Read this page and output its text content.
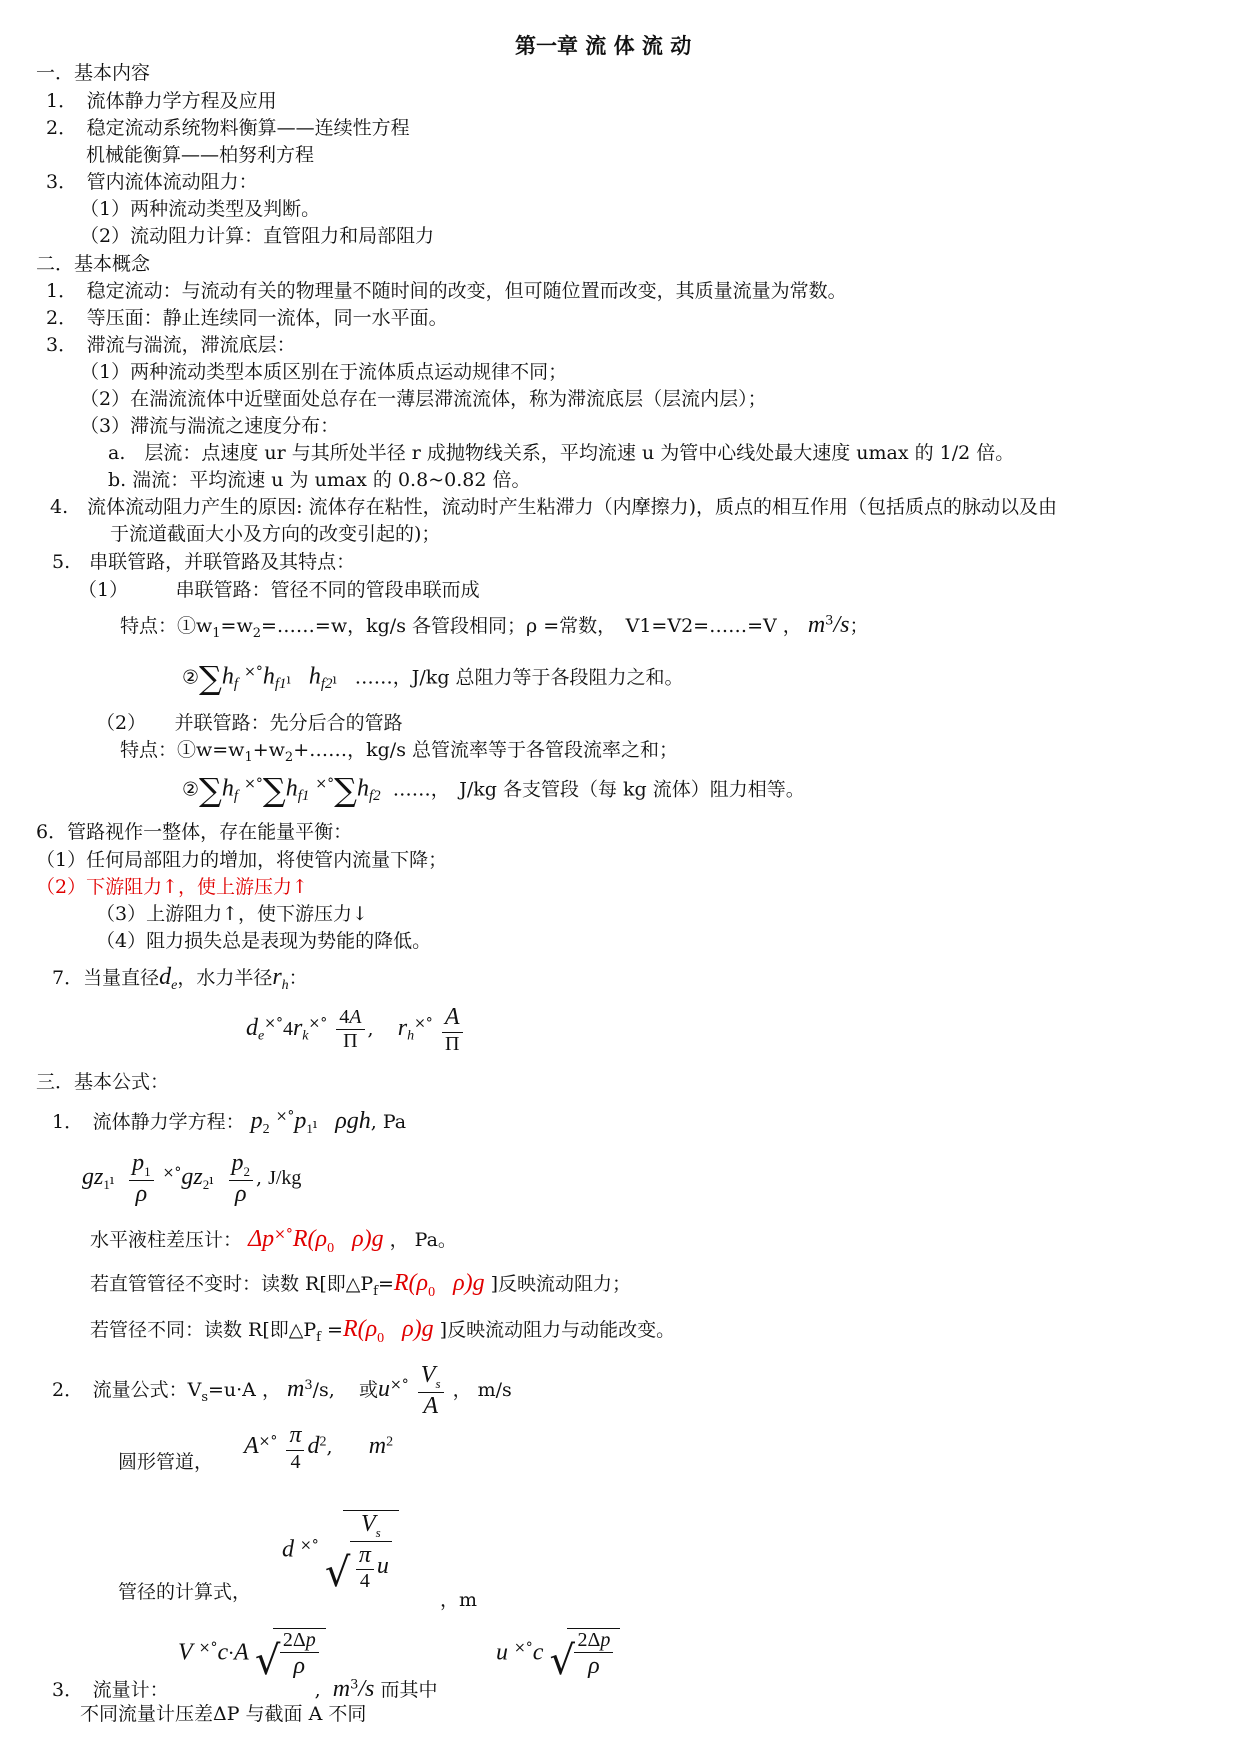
第一章 流 体 流 动
一．基本内容
1．　流体静力学方程及应用
2．　稳定流动系统物料衡算——连续性方程
机械能衡算——柏努利方程
3．　管内流体流动阻力：
（1）两种流动类型及判断。
（2）流动阻力计算：直管阻力和局部阻力
二．基本概念
1．　稳定流动：与流动有关的物理量不随时间的改变，但可随位置而改变，其质量流量为常数。
2．　等压面：静止连续同一流体，同一水平面。
3．　滞流与湍流，滞流底层：
（1）两种流动类型本质区别在于流体质点运动规律不同；
（2）在湍流流体中近壁面处总存在一薄层滞流流体，称为滞流底层（层流内层）；
（3）滞流与湍流之速度分布：
a.　层流：点速度 ur 与其所处半径 r 成抛物线关系，平均流速 u 为管中心线处最大速度 umax 的 1/2 倍。
b. 湍流：平均流速 u 为 umax 的 0.8~0.82 倍。
4.　流体流动阻力产生的原因: 流体存在粘性，流动时产生粘滞力（内摩擦力)，质点的相互作用（包括质点的脉动以及由
于流道截面大小及方向的改变引起的)；
5.　串联管路，并联管路及其特点：
（1）　　　串联管路：管径不同的管段串联而成
特点：$①w_1=w_2=\dots\dots=w$，kg/s 各管段相同；ρ =常数，　V1=V2=……=V ， $m^3/s$；
$②\sum h_f$ $^{\times^\circ}h_{f1}ı$ $h_{f2}ı$ ……，J/kg 总阻力等于各段阻力之和。
（2）　　并联管路：先分后合的管路
特点：$①w=w_1+w_2+\dots\dots$，kg/s 总管流率等于各管段流率之和；
$②\sum h_f$ $^{\times^\circ}\sum h_{f1}$ $^{\times^\circ}\sum h_{f2}$ ……，　J/kg 各支管段（每 kg 流体）阻力相等。
6．管路视作一整体，存在能量平衡：
（1）任何局部阻力的增加，将使管内流量下降；
（2）下游阻力↑，使上游压力↑
（3）上游阻力↑，使下游压力↓
（4）阻力损失总是表现为势能的降低。
7．当量直径$d_e$，水力半径$r_h$：
$d_e^{\times^\circ}4r_k^{\times^\circ} \frac{4A}{\Pi}$ ,    $r_h^{\times^\circ} \frac{A}{\Pi}$
三．基本公式：
1．　流体静力学方程： $p_2$ $^{\times^\circ}p_1ı$ ρgh, Pa
$gz_1ı \frac{p_1}{\rho}$ $^{\times^\circ}gz_2ı \frac{p_2}{\rho}$ , J/kg
水平液柱差压计： $\Delta p^{\times^\circ}R(\rho_0$   ρ)g ， Pa。
若直管管径不变时：读数 R[即$\triangle P_f=R(\rho_0$   ρ)g ]反映流动阻力；
若管径不同：读数 R[即$\triangle P_f =R(\rho_0$   ρ)g ]反映流动阻力与动能改变。
2．　流量公式：$V_s=u\cdot A$ ， $m^3/s$, 或$u^{\times^\circ} \frac{V_s}{A}$ ， m/s
圆形管道，
$A^{\times^\circ} \frac{\pi}{4} d^2$,      $m^2$
管径的计算式，
d ×°
√ $\frac{V_s}{\frac{\pi}{4} u}$
，m
V ×°c·A √ $\frac{2\Delta p}{\rho}$	u ×°c √ $\frac{2\Delta p}{\rho}$
3．　流量计：	,  $m^3/s$ 而其中
不同流量计压差ΔP 与截面 A 不同
